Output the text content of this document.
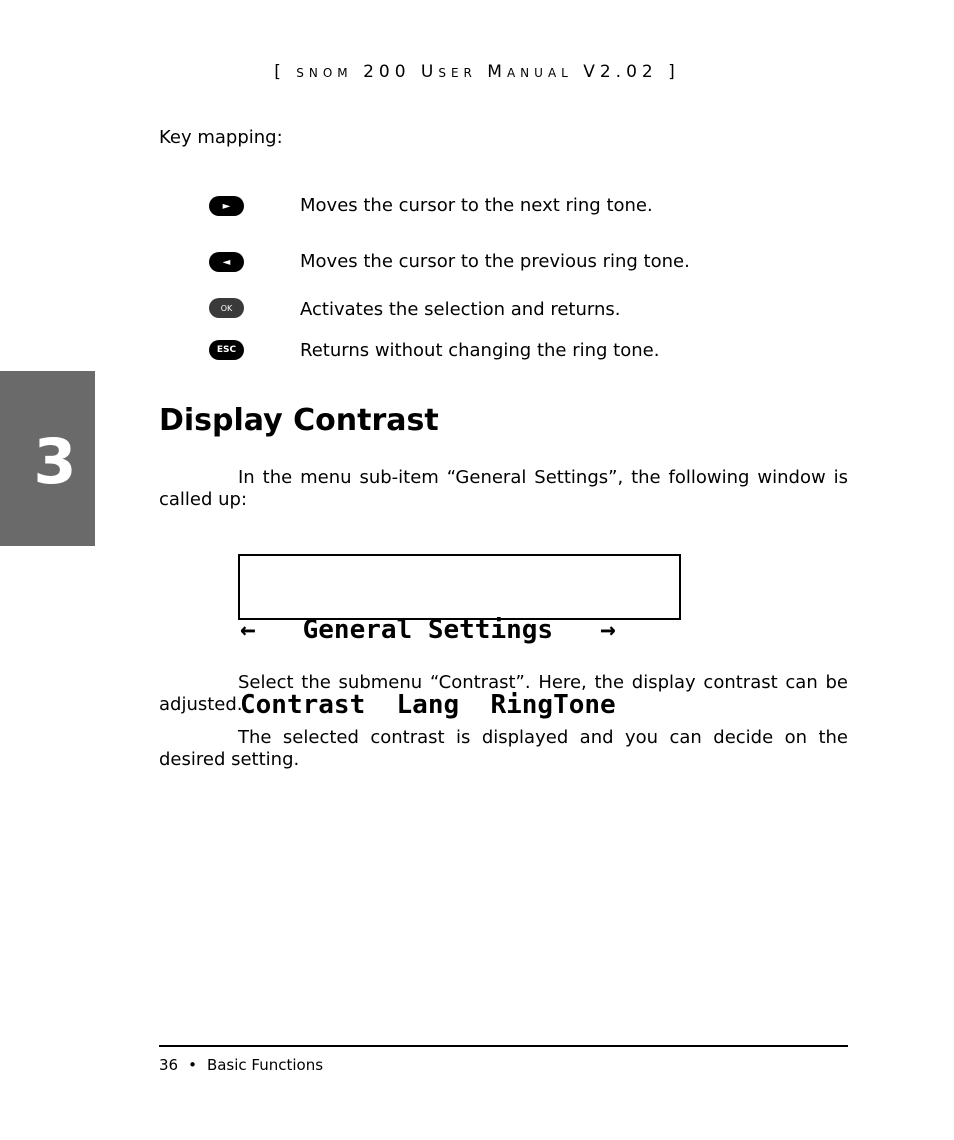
[ snom 200 User Manual V2.02 ]
3
Key mapping:
►	Moves the cursor to the next ring tone.
◄	Moves the cursor to the previous ring tone.
OK	Activates the selection and returns.
ESC	Returns without changing the ring tone.
Display Contrast
In the menu sub-item “General Settings”, the following window is called up:

←   General Settings   →

Contrast  Lang  RingTone

Select the submenu “Contrast”. Here, the display contrast can be adjusted.
The selected contrast is displayed and you can decide on the desired setting.
36 • Basic Functions
